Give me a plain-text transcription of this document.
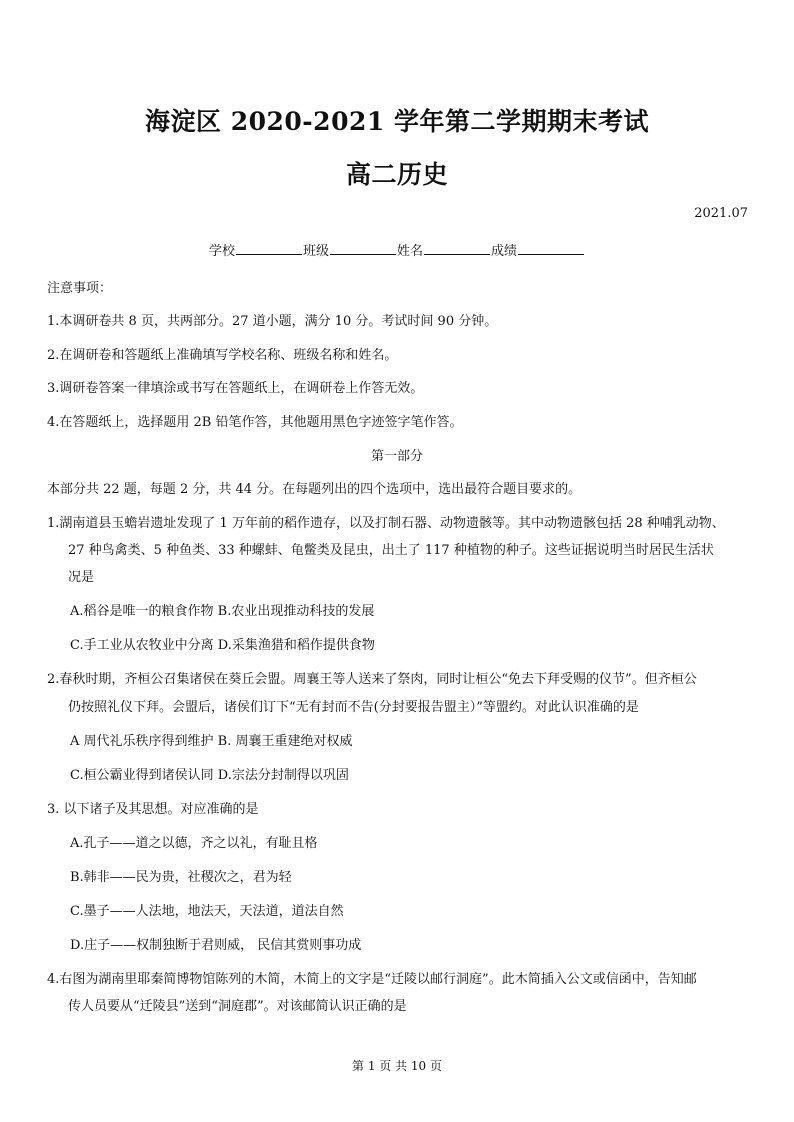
海淀区 2020-2021 学年第二学期期末考试
高二历史
2021.07
学校	班级	姓名	成绩
注意事项：
1.本调研卷共 8 页，共两部分。27 道小题，满分 10 分。考试时间 90 分钟。
2.在调研卷和答题纸上准确填写学校名称、班级名称和姓名。
3.调研卷答案一律填涂或书写在答题纸上，在调研卷上作答无效。
4.在答题纸上，选择题用 2B 铅笔作答，其他题用黑色字迹签字笔作答。
第一部分
本部分共 22 题，每题 2 分，共 44 分。在每题列出的四个选项中，选出最符合题目要求的。
1.湖南道县玉蟾岩遗址发现了 1 万年前的稻作遗存，以及打制石器、动物遗骸等。其中动物遗骸包括 28 种哺乳动物、
27 种鸟禽类、5 种鱼类、33 种螺蚌、龟鳖类及昆虫，出土了 117 种植物的种子。这些证据说明当时居民生活状
况是
A.稻谷是唯一的粮食作物 B.农业出现推动科技的发展
C.手工业从农牧业中分离 D.采集渔猎和稻作提供食物
2.春秋时期，齐桓公召集诸侯在葵丘会盟。周襄王等人送来了祭肉，同时让桓公“免去下拜受赐的仪节”。但齐桓公
仍按照礼仪下拜。会盟后，诸侯们订下“无有封而不告(分封要报告盟主）”等盟约。对此认识准确的是
A 周代礼乐秩序得到维护 B. 周襄王重建绝对权威
C.桓公霸业得到诸侯认同 D.宗法分封制得以巩固
3. 以下诸子及其思想。对应准确的是
A.孔子——道之以德，齐之以礼，有耻且格
B.韩非——民为贵，社稷次之，君为轻
C.墨子——人法地，地法天，天法道，道法自然
D.庄子——权制独断于君则威， 民信其赏则事功成
4.右图为湖南里耶秦简博物馆陈列的木简，木简上的文字是“迁陵以邮行洞庭”。此木简插入公文或信函中，告知邮
传人员要从“迁陵县”送到“洞庭郡”。对该邮简认识正确的是
第 1 页 共 10 页
